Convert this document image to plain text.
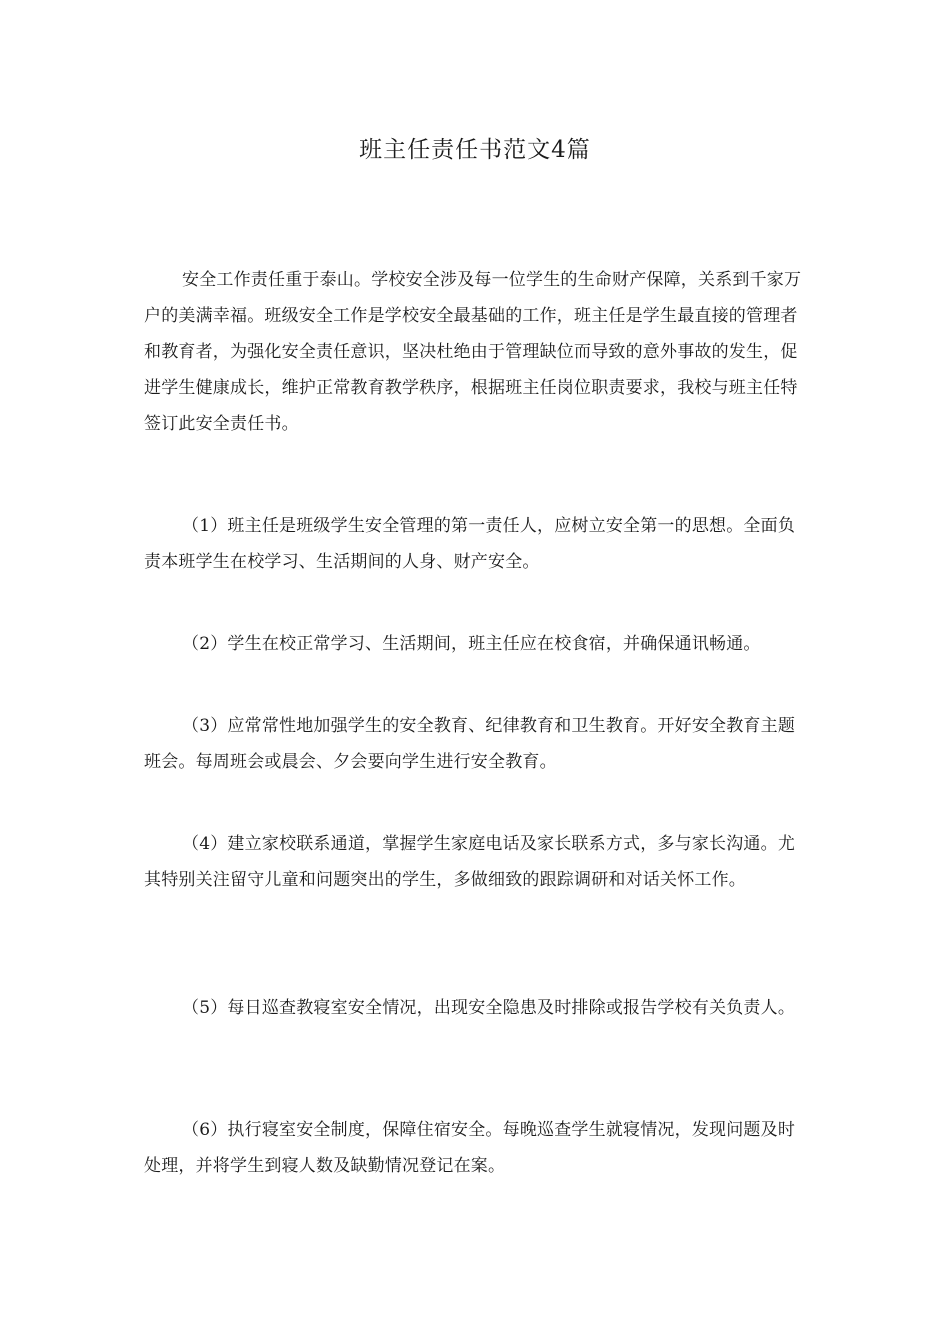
班主任责任书范文4篇

安全工作责任重于泰山。学校安全涉及每一位学生的生命财产保障，关系到千家万户的美满幸福。班级安全工作是学校安全最基础的工作，班主任是学生最直接的管理者和教育者，为强化安全责任意识，坚决杜绝由于管理缺位而导致的意外事故的发生，促进学生健康成长，维护正常教育教学秩序，根据班主任岗位职责要求，我校与班主任特签订此安全责任书。

（1）班主任是班级学生安全管理的第一责任人，应树立安全第一的思想。全面负责本班学生在校学习、生活期间的人身、财产安全。

（2）学生在校正常学习、生活期间，班主任应在校食宿，并确保通讯畅通。

（3）应常常性地加强学生的安全教育、纪律教育和卫生教育。开好安全教育主题班会。每周班会或晨会、夕会要向学生进行安全教育。

（4）建立家校联系通道，掌握学生家庭电话及家长联系方式，多与家长沟通。尤其特别关注留守儿童和问题突出的学生，多做细致的跟踪调研和对话关怀工作。

（5）每日巡查教寝室安全情况，出现安全隐患及时排除或报告学校有关负责人。

（6）执行寝室安全制度，保障住宿安全。每晚巡查学生就寝情况，发现问题及时处理，并将学生到寝人数及缺勤情况登记在案。
